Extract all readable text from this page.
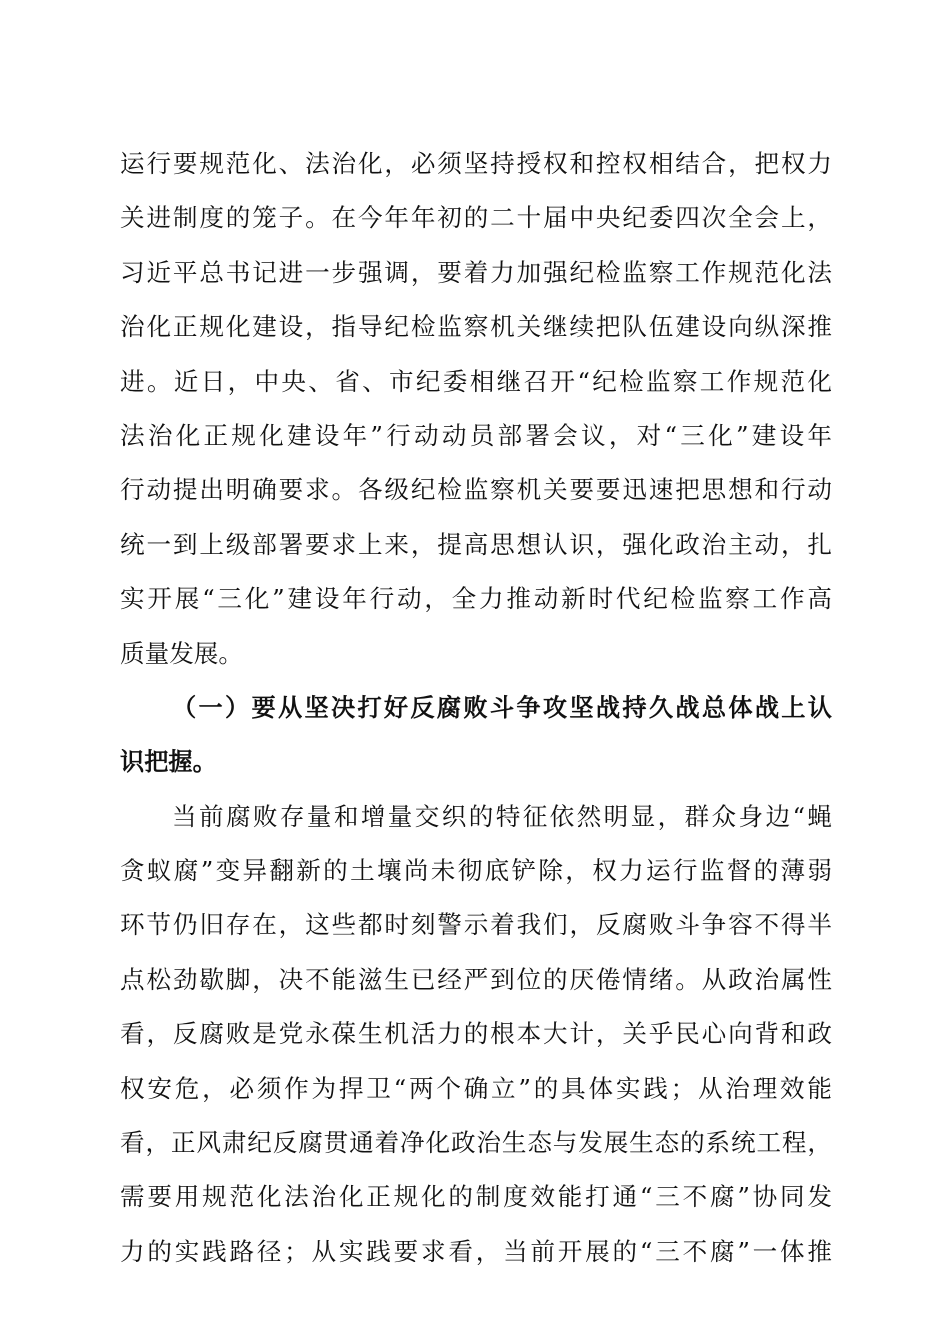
运行要规范化、法治化，必须坚持授权和控权相结合，把权力
关进制度的笼子。在今年年初的二十届中央纪委四次全会上，
习近平总书记进一步强调，要着力加强纪检监察工作规范化法
治化正规化建设，指导纪检监察机关继续把队伍建设向纵深推
进。近日，中央、省、市纪委相继召开“纪检监察工作规范化
法治化正规化建设年”行动动员部署会议，对“三化”建设年
行动提出明确要求。各级纪检监察机关要要迅速把思想和行动
统一到上级部署要求上来，提高思想认识，强化政治主动，扎
实开展“三化”建设年行动，全力推动新时代纪检监察工作高
质量发展。
（一）要从坚决打好反腐败斗争攻坚战持久战总体战上认
识把握。
当前腐败存量和增量交织的特征依然明显，群众身边“蝇
贪蚁腐”变异翻新的土壤尚未彻底铲除，权力运行监督的薄弱
环节仍旧存在，这些都时刻警示着我们，反腐败斗争容不得半
点松劲歇脚，决不能滋生已经严到位的厌倦情绪。从政治属性
看，反腐败是党永葆生机活力的根本大计，关乎民心向背和政
权安危，必须作为捍卫“两个确立”的具体实践；从治理效能
看，正风肃纪反腐贯通着净化政治生态与发展生态的系统工程，
需要用规范化法治化正规化的制度效能打通“三不腐”协同发
力的实践路径；从实践要求看，当前开展的“三不腐”一体推
